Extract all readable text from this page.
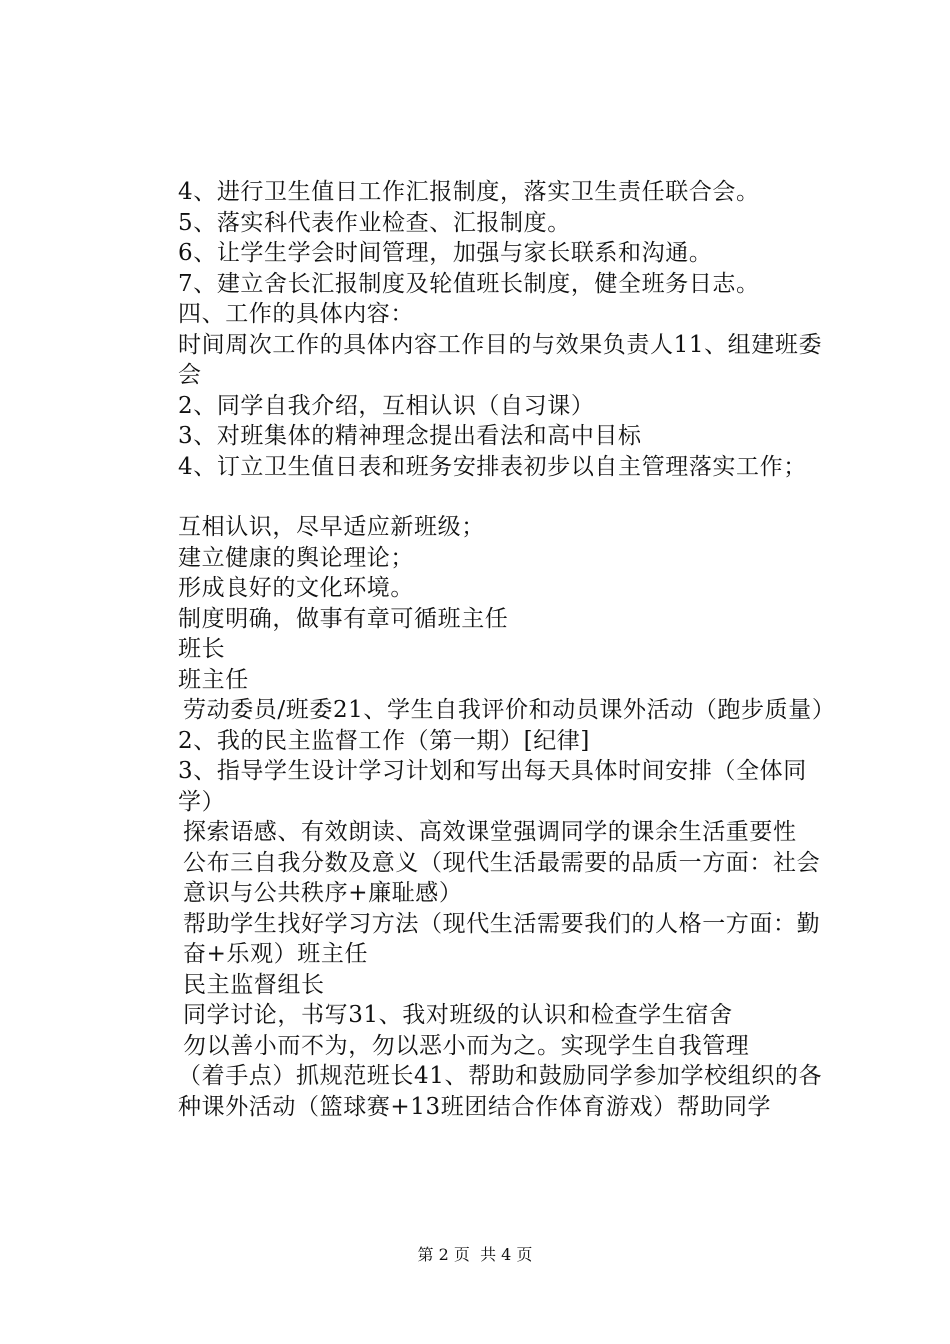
4、进行卫生值日工作汇报制度，落实卫生责任联合会。
5、落实科代表作业检查、汇报制度。
6、让学生学会时间管理，加强与家长联系和沟通。
7、建立舍长汇报制度及轮值班长制度，健全班务日志。
四、工作的具体内容：
时间周次工作的具体内容工作目的与效果负责人11、组建班委会
2、同学自我介绍，互相认识（自习课）
3、对班集体的精神理念提出看法和高中目标
4、订立卫生值日表和班务安排表初步以自主管理落实工作；
互相认识，尽早适应新班级；
建立健康的舆论理论；
形成良好的文化环境。
制度明确，做事有章可循班主任
班长
班主任
劳动委员/班委21、学生自我评价和动员课外活动（跑步质量）
2、我的民主监督工作（第一期）[纪律]
3、指导学生设计学习计划和写出每天具体时间安排（全体同学）
探索语感、有效朗读、高效课堂强调同学的课余生活重要性
公布三自我分数及意义（现代生活最需要的品质一方面：社会意识与公共秩序+廉耻感）
帮助学生找好学习方法（现代生活需要我们的人格一方面：勤奋+乐观）班主任
民主监督组长
同学讨论，书写31、我对班级的认识和检查学生宿舍
勿以善小而不为，勿以恶小而为之。实现学生自我管理
（着手点）抓规范班长41、帮助和鼓励同学参加学校组织的各种课外活动（篮球赛+13班团结合作体育游戏）帮助同学
第 2 页  共 4 页
